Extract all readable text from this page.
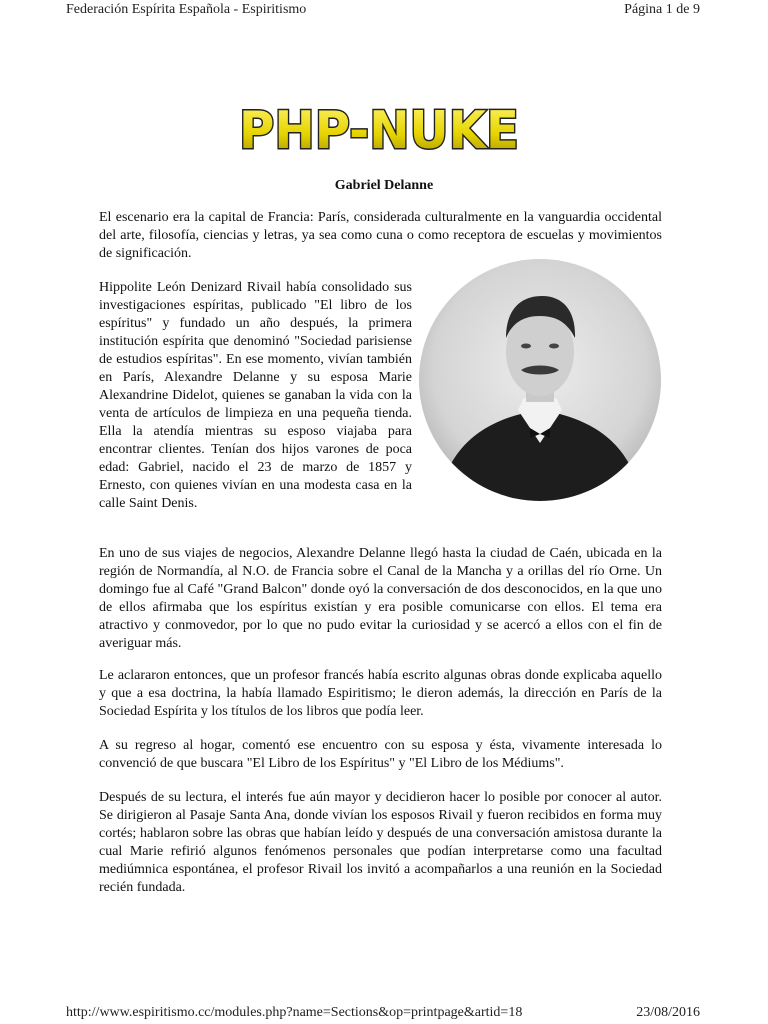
Federación Espírita Española - Espiritismo	Página 1 de 9
PHP-NUKE
Gabriel Delanne

El escenario era la capital de Francia: París, considerada culturalmente en la vanguardia occidental del arte, filosofía, ciencias y letras, ya sea como cuna o como receptora de escuelas y movimientos de significación.

Hippolite León Denizard Rivail había consolidado sus investigaciones espíritas, publicado "El libro de los espíritus" y fundado un año después, la primera institución espírita que denominó "Sociedad parisiense de estudios espíritas". En ese momento, vivían también en París, Alexandre Delanne y su esposa Marie Alexandrine Didelot, quienes se ganaban la vida con la venta de artículos de limpieza en una pequeña tienda. Ella la atendía mientras su esposo viajaba para encontrar clientes. Tenían dos hijos varones de poca edad: Gabriel, nacido el 23 de marzo de 1857 y Ernesto, con quienes vivían en una modesta casa en la calle Saint Denis.

En uno de sus viajes de negocios, Alexandre Delanne llegó hasta la ciudad de Caén, ubicada en la región de Normandía, al N.O. de Francia sobre el Canal de la Mancha y a orillas del río Orne. Un domingo fue al Café "Grand Balcon" donde oyó la conversación de dos desconocidos, en la que uno de ellos afirmaba que los espíritus existían y era posible comunicarse con ellos. El tema era atractivo y conmovedor, por lo que no pudo evitar la curiosidad y se acercó a ellos con el fin de averiguar más.

Le aclararon entonces, que un profesor francés había escrito algunas obras donde explicaba aquello y que a esa doctrina, la había llamado Espiritismo; le dieron además, la dirección en París de la Sociedad Espírita y los títulos de los libros que podía leer.

A su regreso al hogar, comentó ese encuentro con su esposa y ésta, vivamente interesada lo convenció de que buscara "El Libro de los Espíritus" y "El Libro de los Médiums".

Después de su lectura, el interés fue aún mayor y decidieron hacer lo posible por conocer al autor. Se dirigieron al Pasaje Santa Ana, donde vivían los esposos Rivail y fueron recibidos en forma muy cortés; hablaron sobre las obras que habían leído y después de una conversación amistosa durante la cual Marie refirió algunos fenómenos personales que podían interpretarse como una facultad mediúmnica espontánea, el profesor Rivail los invitó a acompañarlos a una reunión en la Sociedad recién fundada.

http://www.espiritismo.cc/modules.php?name=Sections&op=printpage&artid=18	23/08/2016
